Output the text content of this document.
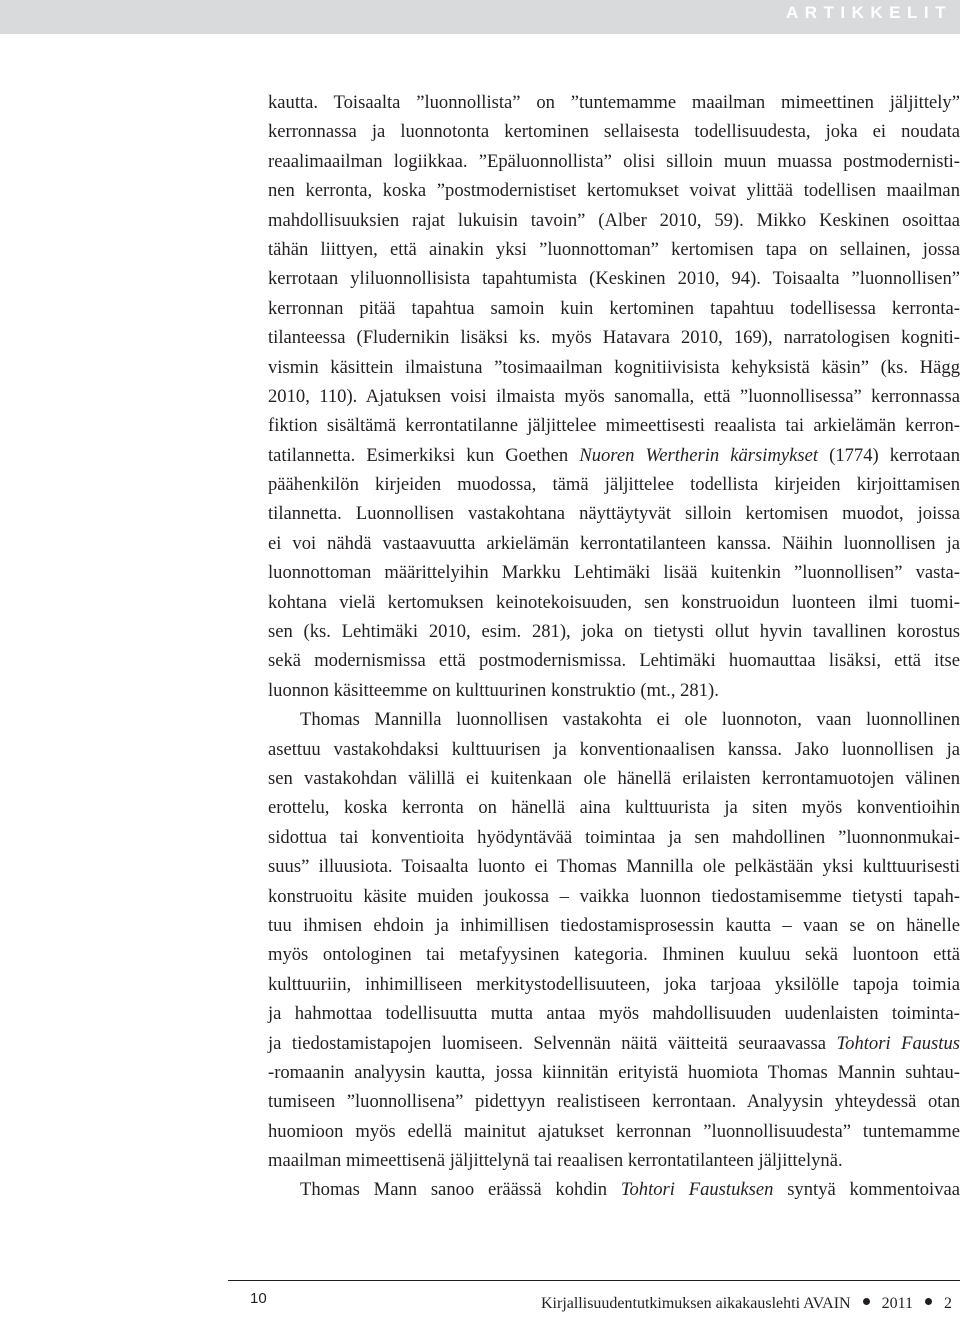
ARTIKKELIT

kautta. Toisaalta ”luonnollista” on ”tuntemamme maailman mimeettinen jäljittely”
kerronnassa ja luonnotonta kertominen sellaisesta todellisuudesta, joka ei noudata
reaalimaailman logiikkaa. ”Epäluonnollista” olisi silloin muun muassa postmodernisti-
nen kerronta, koska ”postmodernistiset kertomukset voivat ylittää todellisen maailman
mahdollisuuksien rajat lukuisin tavoin” (Alber 2010, 59). Mikko Keskinen osoittaa
tähän liittyen, että ainakin yksi ”luonnottoman” kertomisen tapa on sellainen, jossa
kerrotaan yliluonnollisista tapahtumista (Keskinen 2010, 94). Toisaalta ”luonnollisen”
kerronnan pitää tapahtua samoin kuin kertominen tapahtuu todellisessa kerronta-
tilanteessa (Fludernikin lisäksi ks. myös Hatavara 2010, 169), narratologisen kogniti-
vismin käsittein ilmaistuna ”tosimaailman kognitiivisista kehyksistä käsin” (ks. Hägg
2010, 110). Ajatuksen voisi ilmaista myös sanomalla, että ”luonnollisessa” kerronnassa
fiktion sisältämä kerrontatilanne jäljittelee mimeettisesti reaalista tai arkielämän kerron-
tatilannetta. Esimerkiksi kun Goethen Nuoren Wertherin kärsimykset (1774) kerrotaan
päähenkilön kirjeiden muodossa, tämä jäljittelee todellista kirjeiden kirjoittamisen
tilannetta. Luonnollisen vastakohtana näyttäytyvät silloin kertomisen muodot, joissa
ei voi nähdä vastaavuutta arkielämän kerrontatilanteen kanssa. Näihin luonnollisen ja
luonnottoman määrittelyihin Markku Lehtimäki lisää kuitenkin ”luonnollisen” vasta-
kohtana vielä kertomuksen keinotekoisuuden, sen konstruoidun luonteen ilmi tuomi-
sen (ks. Lehtimäki 2010, esim. 281), joka on tietysti ollut hyvin tavallinen korostus
sekä modernismissa että postmodernismissa. Lehtimäki huomauttaa lisäksi, että itse
luonnon käsitteemme on kulttuurinen konstruktio (mt., 281).

Thomas Mannilla luonnollisen vastakohta ei ole luonnoton, vaan luonnollinen
asettuu vastakohdaksi kulttuurisen ja konventionaalisen kanssa. Jako luonnollisen ja
sen vastakohdan välillä ei kuitenkaan ole hänellä erilaisten kerrontamuotojen välinen
erottelu, koska kerronta on hänellä aina kulttuurista ja siten myös konventioihin
sidottua tai konventioita hyödyntävää toimintaa ja sen mahdollinen ”luonnonmukai-
suus” illuusiota. Toisaalta luonto ei Thomas Mannilla ole pelkästään yksi kulttuurisesti
konstruoitu käsite muiden joukossa – vaikka luonnon tiedostamisemme tietysti tapah-
tuu ihmisen ehdoin ja inhimillisen tiedostamisprosessin kautta – vaan se on hänelle
myös ontologinen tai metafyysinen kategoria. Ihminen kuuluu sekä luontoon että
kulttuuriin, inhimilliseen merkitystodellisuuteen, joka tarjoaa yksilölle tapoja toimia
ja hahmottaa todellisuutta mutta antaa myös mahdollisuuden uudenlaisten toiminta-
ja tiedostamistapojen luomiseen. Selvennän näitä väitteitä seuraavassa Tohtori Faustus
-romaanin analyysin kautta, jossa kiinnitän erityistä huomiota Thomas Mannin suhtau-
tumiseen ”luonnollisena” pidettyyn realistiseen kerrontaan. Analyysin yhteydessä otan
huomioon myös edellä mainitut ajatukset kerronnan ”luonnollisuudesta” tuntemamme
maailman mimeettisenä jäljittelynä tai reaalisen kerrontatilanteen jäljittelynä.

Thomas Mann sanoo eräässä kohdin Tohtori Faustuksen syntyä kommentoivaa

10	Kirjallisuudentutkimuksen aikakauslehti AVAIN 2011 2
